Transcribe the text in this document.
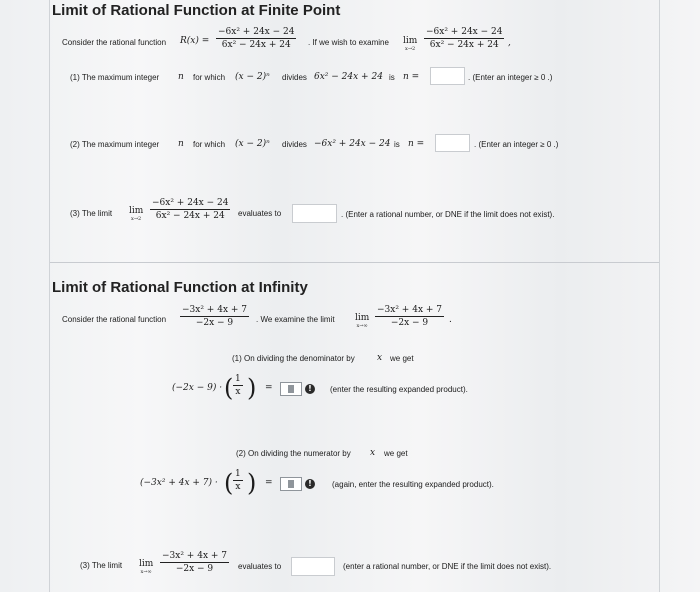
Limit of Rational Function at Finite Point
Consider the rational function $R(x) = \frac{\text{−6x² + 24x − 24}}{\text{6x² − 24x + 24}}$ . If we wish to examine lim
$x\to 2 \frac{\text{−6x² + 24x − 24}}{\text{6x² − 24x + 24}}$ ,
(1) The maximum integer n for which (x − 2)ⁿ divides 6x² − 24x + 24 is n =	. (Enter an integer ≥ 0 .)
(2) The maximum integer n for which (x − 2)ⁿ divides −6x² + 24x − 24 is n =	. (Enter an integer ≥ 0 .)
(3) The limit lim
$x\to 2 \frac{\text{−6x² + 24x − 24}}{\text{6x² − 24x + 24}}$ evaluates to	. (Enter a rational number, or DNE if the limit does not exist).
Limit of Rational Function at Infinity
Consider the rational function $\frac{\text{−3x² + 4x + 7}}{-2x - 9}$ . We examine the limit lim
$x\to\infty \frac{\text{−3x² + 4x + 7}}{-2x - 9}$ .
(1) On dividing the denominator by x we get
(−2x − 9) · ( $\frac{1}{x}$ ) =	!	(enter the resulting expanded product).
(2) On dividing the numerator by x we get
(−3x² + 4x + 7) · ( $\frac{1}{x}$ ) =	!	(again, enter the resulting expanded product).
(3) The limit lim
$x\to\infty \frac{\text{−3x² + 4x + 7}}{-2x - 9}$ evaluates to	(enter a rational number, or DNE if the limit does not exist).
